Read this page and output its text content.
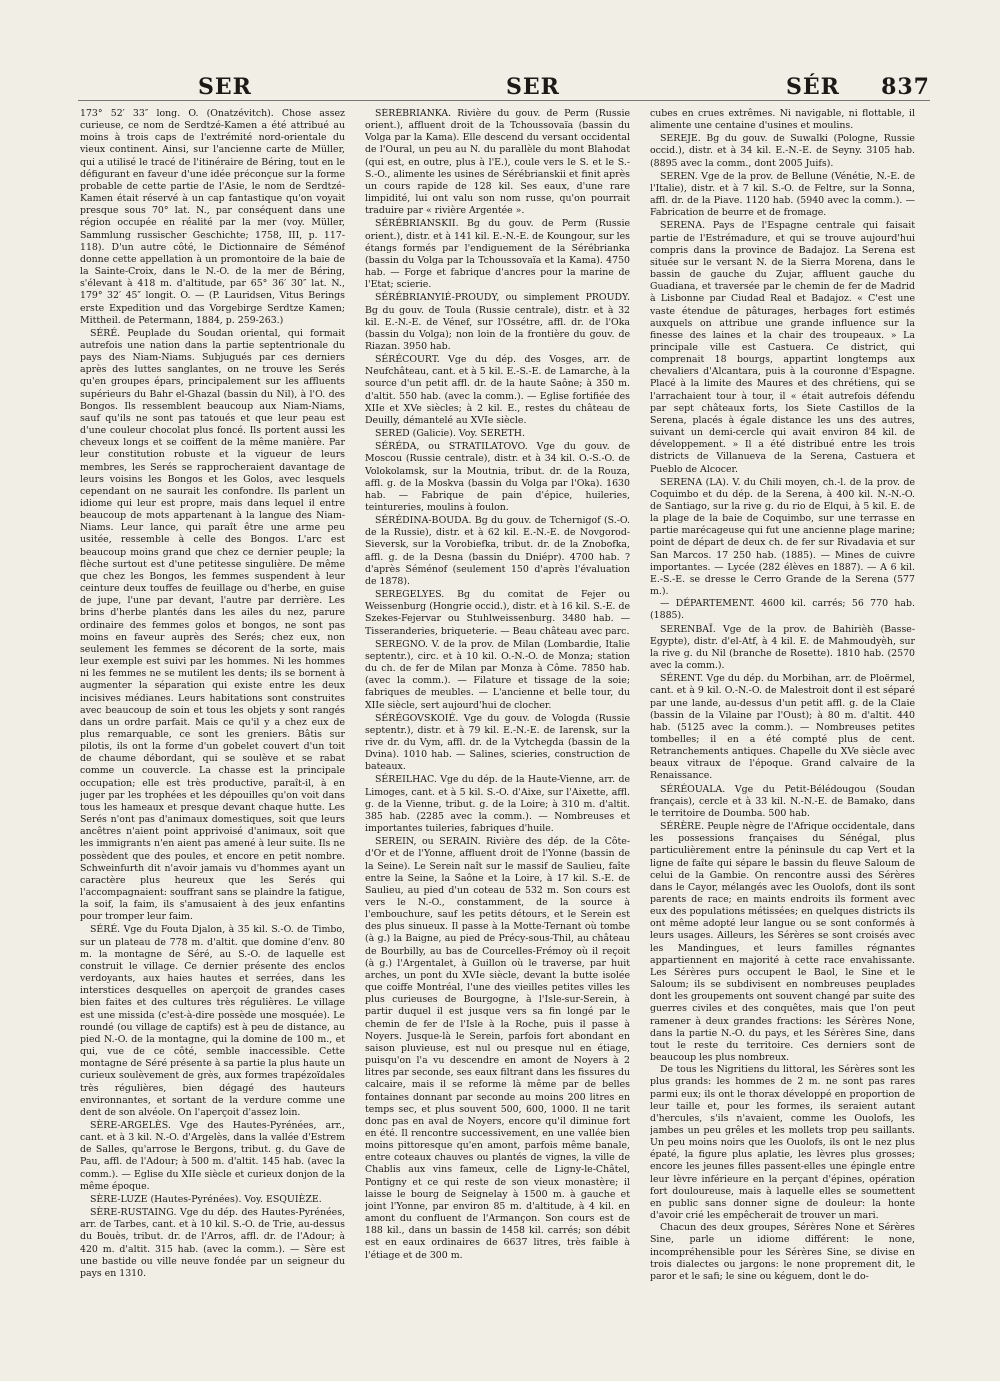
SER	SER	SÉR 837

173° 52′ 33″ long. O. (Onatzévitch). Chose assez curieuse, ce nom de Serdtzé-Kamen a été attribué au moins à trois caps de l'extrémité nord-orientale du vieux continent. Ainsi, sur l'ancienne carte de Müller, qui a utilisé le tracé de l'itinéraire de Béring, tout en le défigurant en faveur d'une idée préconçue sur la forme probable de cette partie de l'Asie, le nom de Serdtzé-Kamen était réservé à un cap fantastique qu'on voyait presque sous 70° lat. N., par conséquent dans une région occupée en réalité par la mer (voy. Müller, Sammlung russischer Geschichte; 1758, III, p. 117-118). D'un autre côté, le Dictionnaire de Séménof donne cette appellation à un promontoire de la baie de la Sainte-Croix, dans le N.-O. de la mer de Béring, s'élevant à 418 m. d'altitude, par 65° 36′ 30″ lat. N., 179° 32′ 45″ longit. O. — (P. Lauridsen, Vitus Berings erste Expedition und das Vorgebirge Serdtze Kamen; Mittheil. de Petermann, 1884, p. 259-263.)

SÉRÉ. Peuplade du Soudan oriental, qui formait autrefois une nation dans la partie septentrionale du pays des Niam-Niams. Subjugués par ces derniers après des luttes sanglantes, on ne trouve les Serés qu'en groupes épars, principalement sur les affluents supérieurs du Bahr el-Ghazal (bassin du Nil), à l'O. des Bongos. Ils ressemblent beaucoup aux Niam-Niams, sauf qu'ils ne sont pas tatoués et que leur peau est d'une couleur chocolat plus foncé. Ils portent aussi les cheveux longs et se coiffent de la même manière. Par leur constitution robuste et la vigueur de leurs membres, les Serés se rapprocheraient davantage de leurs voisins les Bongos et les Golos, avec lesquels cependant on ne saurait les confondre. Ils parlent un idiome qui leur est propre, mais dans lequel il entre beaucoup de mots appartenant à la langue des Niam-Niams. Leur lance, qui paraît être une arme peu usitée, ressemble à celle des Bongos. L'arc est beaucoup moins grand que chez ce dernier peuple; la flèche surtout est d'une petitesse singulière. De même que chez les Bongos, les femmes suspendent à leur ceinture deux touffes de feuillage ou d'herbe, en guise de jupe, l'une par devant, l'autre par derrière. Les brins d'herbe plantés dans les ailes du nez, parure ordinaire des femmes golos et bongos, ne sont pas moins en faveur auprès des Serés; chez eux, non seulement les femmes se décorent de la sorte, mais leur exemple est suivi par les hommes. Ni les hommes ni les femmes ne se mutilent les dents; ils se bornent à augmenter la séparation qui existe entre les deux incisives médianes. Leurs habitations sont construites avec beaucoup de soin et tous les objets y sont rangés dans un ordre parfait. Mais ce qu'il y a chez eux de plus remarquable, ce sont les greniers. Bâtis sur pilotis, ils ont la forme d'un gobelet couvert d'un toit de chaume débordant, qui se soulève et se rabat comme un couvercle. La chasse est la principale occupation; elle est très productive, paraît-il, à en juger par les trophées et les dépouilles qu'on voit dans tous les hameaux et presque devant chaque hutte. Les Serés n'ont pas d'animaux domestiques, soit que leurs ancêtres n'aient point apprivoisé d'animaux, soit que les immigrants n'en aient pas amené à leur suite. Ils ne possèdent que des poules, et encore en petit nombre. Schweinfurth dit n'avoir jamais vu d'hommes ayant un caractère plus heureux que les Serés qui l'accompagnaient: souffrant sans se plaindre la fatigue, la soif, la faim, ils s'amusaient à des jeux enfantins pour tromper leur faim.

SÉRÉ. Vge du Fouta Djalon, à 35 kil. S.-O. de Timbo, sur un plateau de 778 m. d'altit. que domine d'env. 80 m. la montagne de Séré, au S.-O. de laquelle est construit le village. Ce dernier présente des enclos verdoyants, aux haies hautes et serrées, dans les interstices desquelles on aperçoit de grandes cases bien faites et des cultures très régulières. Le village est une missida (c'est-à-dire possède une mosquée). Le roundé (ou village de captifs) est à peu de distance, au pied N.-O. de la montagne, qui la domine de 100 m., et qui, vue de ce côté, semble inaccessible. Cette montagne de Séré présente à sa partie la plus haute un curieux soulèvement de grès, aux formes trapézoïdales très régulières, bien dégagé des hauteurs environnantes, et sortant de la verdure comme une dent de son alvéole. On l'aperçoit d'assez loin.

SÈRE-ARGELÈS. Vge des Hautes-Pyrénées, arr., cant. et à 3 kil. N.-O. d'Argelès, dans la vallée d'Estrem de Salles, qu'arrose le Bergons, tribut. g. du Gave de Pau, affl. de l'Adour; à 500 m. d'altit. 145 hab. (avec la comm.). — Eglise du XIIe siècle et curieux donjon de la même époque.

SÈRE-LUZE (Hautes-Pyrénées). Voy. ESQUIÈZE.

SÈRE-RUSTAING. Vge du dép. des Hautes-Pyrénées, arr. de Tarbes, cant. et à 10 kil. S.-O. de Trie, au-dessus du Bouès, tribut. dr. de l'Arros, affl. dr. de l'Adour; à 420 m. d'altit. 315 hab. (avec la comm.). — Sère est une bastide ou ville neuve fondée par un seigneur du pays en 1310.

SÉRÉBRIANKA. Rivière du gouv. de Perm (Russie orient.), affluent droit de la Tchoussovaïa (bassin du Volga par la Kama). Elle descend du versant occidental de l'Oural, un peu au N. du parallèle du mont Blahodat (qui est, en outre, plus à l'E.), coule vers le S. et le S.-S.-O., alimente les usines de Sérébrianskii et finit après un cours rapide de 128 kil. Ses eaux, d'une rare limpidité, lui ont valu son nom russe, qu'on pourrait traduire par « rivière Argentée ».

SÉRÉBRIANSKII. Bg du gouv. de Perm (Russie orient.), distr. et à 141 kil. E.-N.-E. de Koungour, sur les étangs formés par l'endiguement de la Sérébrianka (bassin du Volga par la Tchoussovaïa et la Kama). 4750 hab. — Forge et fabrique d'ancres pour la marine de l'Etat; scierie.

SÉRÉBRIANYIÉ-PROUDY, ou simplement PROUDY. Bg du gouv. de Toula (Russie centrale), distr. et à 32 kil. E.-N.-E. de Vénef, sur l'Ossétre, affl. dr. de l'Oka (bassin du Volga); non loin de la frontière du gouv. de Riazan. 3950 hab.

SÉRÉCOURT. Vge du dép. des Vosges, arr. de Neufchâteau, cant. et à 5 kil. E.-S.-E. de Lamarche, à la source d'un petit affl. dr. de la haute Saône; à 350 m. d'altit. 550 hab. (avec la comm.). — Eglise fortifiée des XIIe et XVe siècles; à 2 kil. E., restes du château de Deuilly, démantelé au XVIe siècle.

SERED (Galicie). Voy. SERETH.

SÉRÉDA, ou STRATILATOVO. Vge du gouv. de Moscou (Russie centrale), distr. et à 34 kil. O.-S.-O. de Volokolamsk, sur la Moutnia, tribut. dr. de la Rouza, affl. g. de la Moskva (bassin du Volga par l'Oka). 1630 hab. — Fabrique de pain d'épice, huileries, teintureries, moulins à foulon.

SÉRÉDINA-BOUDA. Bg du gouv. de Tchernigof (S.-O. de la Russie), distr. et à 62 kil. E.-N.-E. de Novgorod-Sieversk, sur la Vorobiefka, tribut. dr. de la Znobofka, affl. g. de la Desna (bassin du Dniépr). 4700 hab. ? d'après Séménof (seulement 150 d'après l'évaluation de 1878).

SEREGELYES. Bg du comitat de Fejer ou Weissenburg (Hongrie occid.), distr. et à 16 kil. S.-E. de Szekes-Fejervar ou Stuhlweissenburg. 3480 hab. — Tisseranderies, briqueterie. — Beau château avec parc.

SEREGNO. V. de la prov. de Milan (Lombardie, Italie septentr.), circ. et à 10 kil. O.-N.-O. de Monza; station du ch. de fer de Milan par Monza à Côme. 7850 hab. (avec la comm.). — Filature et tissage de la soie; fabriques de meubles. — L'ancienne et belle tour, du XIIe siècle, sert aujourd'hui de clocher.

SÉRÉGOVSKOIÉ. Vge du gouv. de Vologda (Russie septentr.), distr. et à 79 kil. E.-N.-E. de Iarensk, sur la rive dr. du Vym, affl. dr. de la Vytchegda (bassin de la Dvina). 1010 hab. — Salines, scieries, construction de bateaux.

SÉREILHAC. Vge du dép. de la Haute-Vienne, arr. de Limoges, cant. et à 5 kil. S.-O. d'Aixe, sur l'Aixette, affl. g. de la Vienne, tribut. g. de la Loire; à 310 m. d'altit. 385 hab. (2285 avec la comm.). — Nombreuses et importantes tuileries, fabriques d'huile.

SEREIN, ou SERAIN. Rivière des dép. de la Côte-d'Or et de l'Yonne, affluent droit de l'Yonne (bassin de la Seine). Le Serein naît sur le massif de Saulieu, faîte entre la Seine, la Saône et la Loire, à 17 kil. S.-E. de Saulieu, au pied d'un coteau de 532 m. Son cours est vers le N.-O., constamment, de la source à l'embouchure, sauf les petits détours, et le Serein est des plus sinueux. Il passe à la Motte-Ternant où tombe (à g.) la Baigne, au pied de Précy-sous-Thil, au château de Bourbilly, au bas de Courcelles-Frémoy où il reçoit (à g.) l'Argentalet, à Guillon où le traverse, par huit arches, un pont du XVIe siècle, devant la butte isolée que coiffe Montréal, l'une des vieilles petites villes les plus curieuses de Bourgogne, à l'Isle-sur-Serein, à partir duquel il est jusque vers sa fin longé par le chemin de fer de l'Isle à la Roche, puis il passe à Noyers. Jusque-là le Serein, parfois fort abondant en saison pluvieuse, est nul ou presque nul en étiage, puisqu'on l'a vu descendre en amont de Noyers à 2 litres par seconde, ses eaux filtrant dans les fissures du calcaire, mais il se reforme là même par de belles fontaines donnant par seconde au moins 200 litres en temps sec, et plus souvent 500, 600, 1000. Il ne tarit donc pas en aval de Noyers, encore qu'il diminue fort en été. Il rencontre successivement, en une vallée bien moins pittoresque qu'en amont, parfois même banale, entre coteaux chauves ou plantés de vignes, la ville de Chablis aux vins fameux, celle de Ligny-le-Châtel, Pontigny et ce qui reste de son vieux monastère; il laisse le bourg de Seignelay à 1500 m. à gauche et joint l'Yonne, par environ 85 m. d'altitude, à 4 kil. en amont du confluent de l'Armançon. Son cours est de 188 kil., dans un bassin de 1458 kil. carrés; son débit est en eaux ordinaires de 6637 litres, très faible à l'étiage et de 300 m.

cubes en crues extrêmes. Ni navigable, ni flottable, il alimente une centaine d'usines et moulins.

SEREJE. Bg du gouv. de Suwalki (Pologne, Russie occid.), distr. et à 34 kil. E.-N.-E. de Seyny. 3105 hab. (8895 avec la comm., dont 2005 Juifs).

SEREN. Vge de la prov. de Bellune (Vénétie, N.-E. de l'Italie), distr. et à 7 kil. S.-O. de Feltre, sur la Sonna, affl. dr. de la Piave. 1120 hab. (5940 avec la comm.). — Fabrication de beurre et de fromage.

SERENA. Pays de l'Espagne centrale qui faisait partie de l'Estrémadure, et qui se trouve aujourd'hui compris dans la province de Badajoz. La Serena est située sur le versant N. de la Sierra Morena, dans le bassin de gauche du Zujar, affluent gauche du Guadiana, et traversée par le chemin de fer de Madrid à Lisbonne par Ciudad Real et Badajoz. « C'est une vaste étendue de pâturages, herbages fort estimés auxquels on attribue une grande influence sur la finesse des laines et la chair des troupeaux. » La principale ville est Castuera. Ce district, qui comprenait 18 bourgs, appartint longtemps aux chevaliers d'Alcantara, puis à la couronne d'Espagne. Placé à la limite des Maures et des chrétiens, qui se l'arrachaient tour à tour, il « était autrefois défendu par sept châteaux forts, los Siete Castillos de la Serena, placés à égale distance les uns des autres, suivant un demi-cercle qui avait environ 84 kil. de développement. » Il a été distribué entre les trois districts de Villanueva de la Serena, Castuera et Pueblo de Alcocer.

SERENA (LA). V. du Chili moyen, ch.-l. de la prov. de Coquimbo et du dép. de la Serena, à 400 kil. N.-N.-O. de Santiago, sur la rive g. du rio de Elqui, à 5 kil. E. de la plage de la baie de Coquimbo, sur une terrasse en partie marécageuse qui fut une ancienne plage marine; point de départ de deux ch. de fer sur Rivadavia et sur San Marcos. 17 250 hab. (1885). — Mines de cuivre importantes. — Lycée (282 élèves en 1887). — A 6 kil. E.-S.-E. se dresse le Cerro Grande de la Serena (577 m.).

— DÉPARTEMENT. 4600 kil. carrés; 56 770 hab. (1885).

SERENBAÏ. Vge de la prov. de Bahirièh (Basse-Egypte), distr. d'el-Atf, à 4 kil. E. de Mahmoudyèh, sur la rive g. du Nil (branche de Rosette). 1810 hab. (2570 avec la comm.).

SÉRENT. Vge du dép. du Morbihan, arr. de Ploërmel, cant. et à 9 kil. O.-N.-O. de Malestroit dont il est séparé par une lande, au-dessus d'un petit affl. g. de la Claie (bassin de la Vilaine par l'Oust); à 80 m. d'altit. 440 hab. (5125 avec la comm.). — Nombreuses petites tombelles; il en a été compté plus de cent. Retranchements antiques. Chapelle du XVe siècle avec beaux vitraux de l'époque. Grand calvaire de la Renaissance.

SÉRÉOUALA. Vge du Petit-Bélédougou (Soudan français), cercle et à 33 kil. N.-N.-E. de Bamako, dans le territoire de Doumba. 500 hab.

SÉRÈRE. Peuple nègre de l'Afrique occidentale, dans les possessions françaises du Sénégal, plus particulièrement entre la péninsule du cap Vert et la ligne de faîte qui sépare le bassin du fleuve Saloum de celui de la Gambie. On rencontre aussi des Sérères dans le Cayor, mélangés avec les Ouolofs, dont ils sont parents de race; en maints endroits ils forment avec eux des populations métissées; en quelques districts ils ont même adopté leur langue ou se sont conformés à leurs usages. Ailleurs, les Sérères se sont croisés avec les Mandingues, et leurs familles régnantes appartiennent en majorité à cette race envahissante. Les Sérères purs occupent le Baol, le Sine et le Saloum; ils se subdivisent en nombreuses peuplades dont les groupements ont souvent changé par suite des guerres civiles et des conquêtes, mais que l'on peut ramener à deux grandes fractions: les Sérères None, dans la partie N.-O. du pays, et les Sérères Sine, dans tout le reste du territoire. Ces derniers sont de beaucoup les plus nombreux.

De tous les Nigritiens du littoral, les Sérères sont les plus grands: les hommes de 2 m. ne sont pas rares parmi eux; ils ont le thorax développé en proportion de leur taille et, pour les formes, ils seraient autant d'hercules, s'ils n'avaient, comme les Ouolofs, les jambes un peu grêles et les mollets trop peu saillants. Un peu moins noirs que les Ouolofs, ils ont le nez plus épaté, la figure plus aplatie, les lèvres plus grosses; encore les jeunes filles passent-elles une épingle entre leur lèvre inférieure en la perçant d'épines, opération fort douloureuse, mais à laquelle elles se soumettent en public sans donner signe de douleur: la honte d'avoir crié les empêcherait de trouver un mari.

Chacun des deux groupes, Sérères None et Sérères Sine, parle un idiome différent: le none, incompréhensible pour les Sérères Sine, se divise en trois dialectes ou jargons: le none proprement dit, le paror et le safi; le sine ou kéguem, dont le do-
